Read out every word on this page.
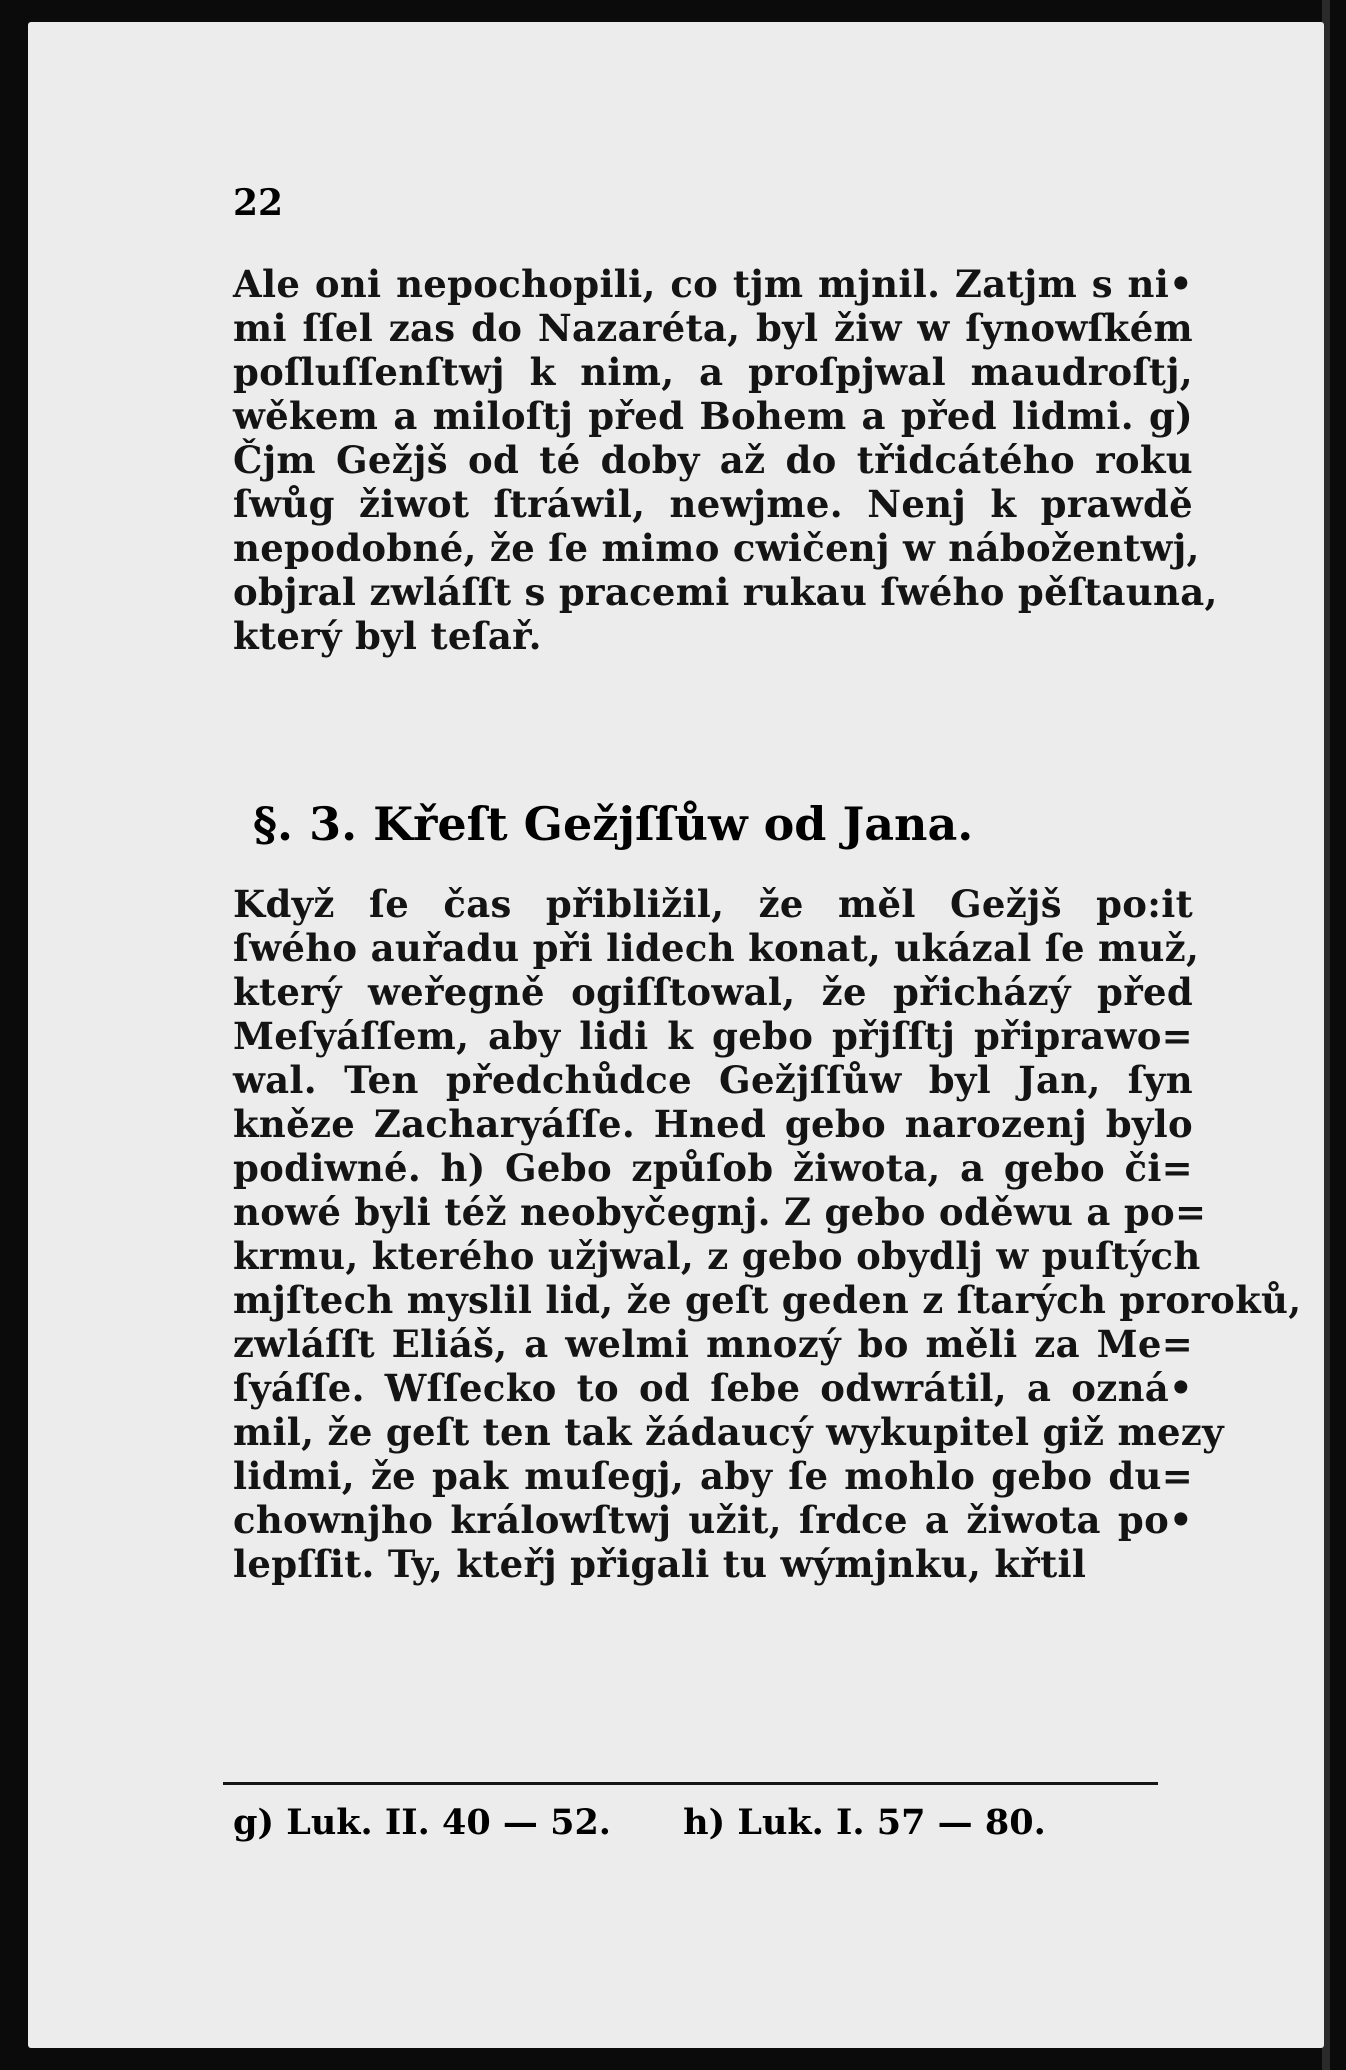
22
Ale oni nepochopili, co tjm mjnil. Zatjm s ni•
mi ſſel zas do Nazaréta, byl žiw w ſynowſkém
poſluſſenſtwj k nim, a proſpjwal maudroſtj,
wěkem a miloſtj před Bohem a před lidmi. g)
Čjm Gežjš od té doby až do třidcátého roku
ſwůg žiwot ſtráwil, newjme. Nenj k prawdě
nepodobné, že ſe mimo cwičenj w nábožentwj,
objral zwláſſt s pracemi rukau ſwého pěſtauna,
který byl teſař.
Když ſe čas přibližil, že měl Gežjš po:it
ſwého auřadu při lidech konat, ukázal ſe muž,
který weřegně ogiſſtowal, že přicházý před
Meſyáſſem, aby lidi k gebo přjſſtj připrawo=
wal. Ten předchůdce Gežjſſůw byl Jan, ſyn
kněze Zacharyáſſe. Hned gebo narozenj bylo
podiwné. h) Gebo způſob žiwota, a gebo či=
nowé byli též neobyčegnj. Z gebo oděwu a po=
krmu, kterého užjwal, z gebo obydlj w puſtých
mjſtech myslil lid, že geſt geden z ſtarých proroků,
zwláſſt Eliáš, a welmi mnozý bo měli za Me=
ſyáſſe. Wſſecko to od ſebe odwrátil, a ozná•
mil, že geſt ten tak žádaucý wykupitel giž mezy
lidmi, že pak muſegj, aby ſe mohlo gebo du=
chownjho králowſtwj užit, ſrdce a žiwota po•
lepſſit. Ty, kteřj přigali tu wýmjnku, křtil
§. 3. Křeſt Gežjſſůw od Jana.
g) Luk. II. 40 — 52. h) Luk. I. 57 — 80.
